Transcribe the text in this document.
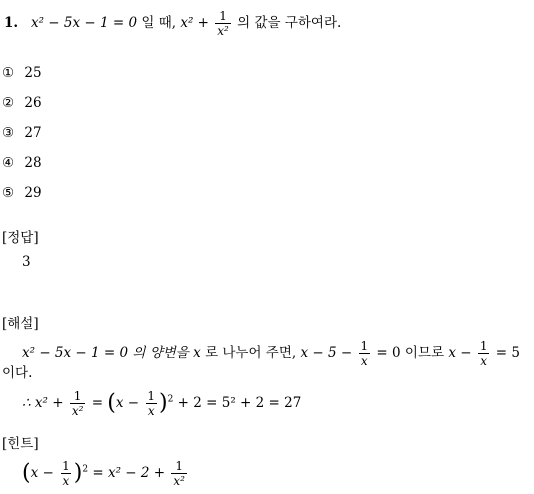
1. x² − 5x − 1 = 0 일 때, $x^2 + \frac{1}{\text{x²}}$ 의 값을 구하여라.
① 25
② 26
③ 27
④ 28
⑤ 29
[정답]
3
[해설]
x² − 5x − 1 = 0 의 양변을 x 로 나누어 주면, $x - 5 - \frac{1}{x} = 0$ 이므로 $x - \frac{1}{x} = 5$
이다.
∴ $x^2 + \frac{1}{\text{x²}} = (x - \frac{1}{x} )^2 + 2 = 5^2 + 2 = 27$
[힌트]
$(x - \frac{1}{x} )^2 = x^2 - 2 + \frac{1}{\text{x²}}$
